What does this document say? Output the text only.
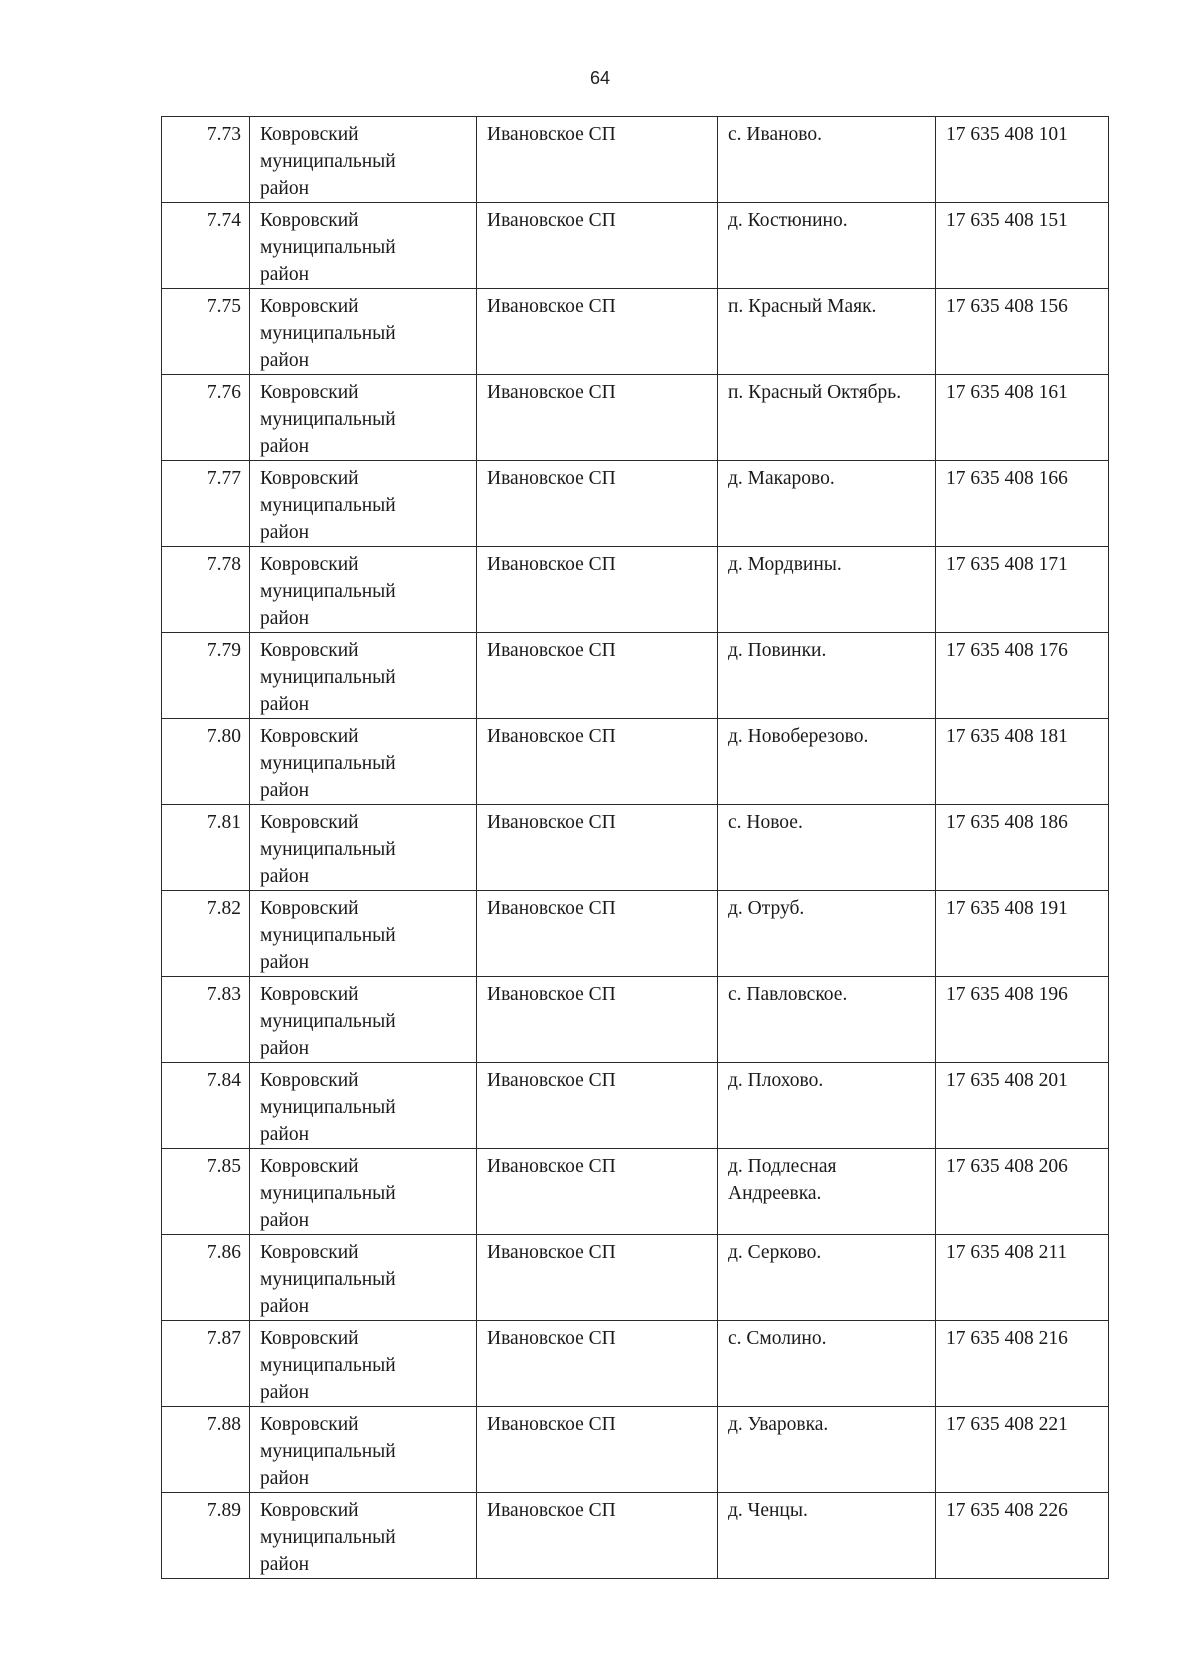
64
7.73	Ковровский муниципальный район	Ивановское СП	с. Иваново.	17 635 408 101
7.74	Ковровский муниципальный район	Ивановское СП	д. Костюнино.	17 635 408 151
7.75	Ковровский муниципальный район	Ивановское СП	п. Красный Маяк.	17 635 408 156
7.76	Ковровский муниципальный район	Ивановское СП	п. Красный Октябрь.	17 635 408 161
7.77	Ковровский муниципальный район	Ивановское СП	д. Макарово.	17 635 408 166
7.78	Ковровский муниципальный район	Ивановское СП	д. Мордвины.	17 635 408 171
7.79	Ковровский муниципальный район	Ивановское СП	д. Повинки.	17 635 408 176
7.80	Ковровский муниципальный район	Ивановское СП	д. Новоберезово.	17 635 408 181
7.81	Ковровский муниципальный район	Ивановское СП	с. Новое.	17 635 408 186
7.82	Ковровский муниципальный район	Ивановское СП	д. Отруб.	17 635 408 191
7.83	Ковровский муниципальный район	Ивановское СП	с. Павловское.	17 635 408 196
7.84	Ковровский муниципальный район	Ивановское СП	д. Плохово.	17 635 408 201
7.85	Ковровский муниципальный район	Ивановское СП	д. Подлесная Андреевка.	17 635 408 206
7.86	Ковровский муниципальный район	Ивановское СП	д. Серково.	17 635 408 211
7.87	Ковровский муниципальный район	Ивановское СП	с. Смолино.	17 635 408 216
7.88	Ковровский муниципальный район	Ивановское СП	д. Уваровка.	17 635 408 221
7.89	Ковровский муниципальный район	Ивановское СП	д. Ченцы.	17 635 408 226
